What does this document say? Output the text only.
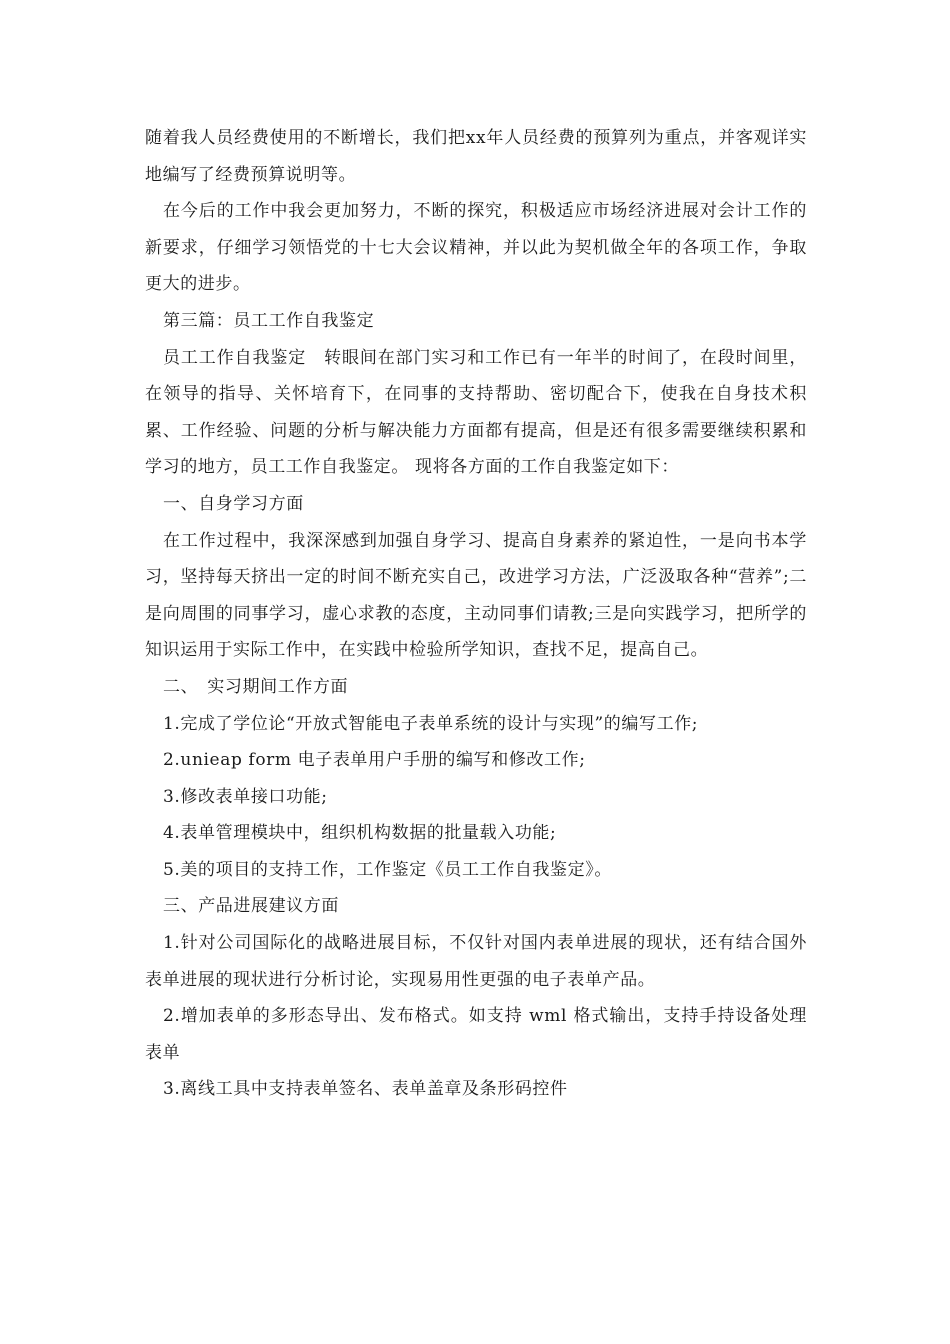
随着我人员经费使用的不断增长，我们把xx年人员经费的预算列为重点，并客观详实地编写了经费预算说明等。

在今后的工作中我会更加努力，不断的探究，积极适应市场经济进展对会计工作的新要求，仔细学习领悟党的十七大会议精神，并以此为契机做全年的各项工作，争取更大的进步。

第三篇：员工工作自我鉴定

员工工作自我鉴定　转眼间在部门实习和工作已有一年半的时间了，在段时间里，在领导的指导、关怀培育下，在同事的支持帮助、密切配合下，使我在自身技术积累、工作经验、问题的分析与解决能力方面都有提高，但是还有很多需要继续积累和学习的地方，员工工作自我鉴定。 现将各方面的工作自我鉴定如下：

一、自身学习方面

在工作过程中，我深深感到加强自身学习、提高自身素养的紧迫性，一是向书本学习，坚持每天挤出一定的时间不断充实自己，改进学习方法，广泛汲取各种“营养”;二是向周围的同事学习，虚心求教的态度，主动同事们请教;三是向实践学习，把所学的知识运用于实际工作中，在实践中检验所学知识，查找不足，提高自己。

二、　实习期间工作方面

1.完成了学位论“开放式智能电子表单系统的设计与实现”的编写工作;

2.unieap form 电子表单用户手册的编写和修改工作;

3.修改表单接口功能;

4.表单管理模块中，组织机构数据的批量载入功能;

5.美的项目的支持工作，工作鉴定《员工工作自我鉴定》。

三、产品进展建议方面

1.针对公司国际化的战略进展目标，不仅针对国内表单进展的现状，还有结合国外表单进展的现状进行分析讨论，实现易用性更强的电子表单产品。

2.增加表单的多形态导出、发布格式。如支持 wml 格式输出，支持手持设备处理表单

3.离线工具中支持表单签名、表单盖章及条形码控件
